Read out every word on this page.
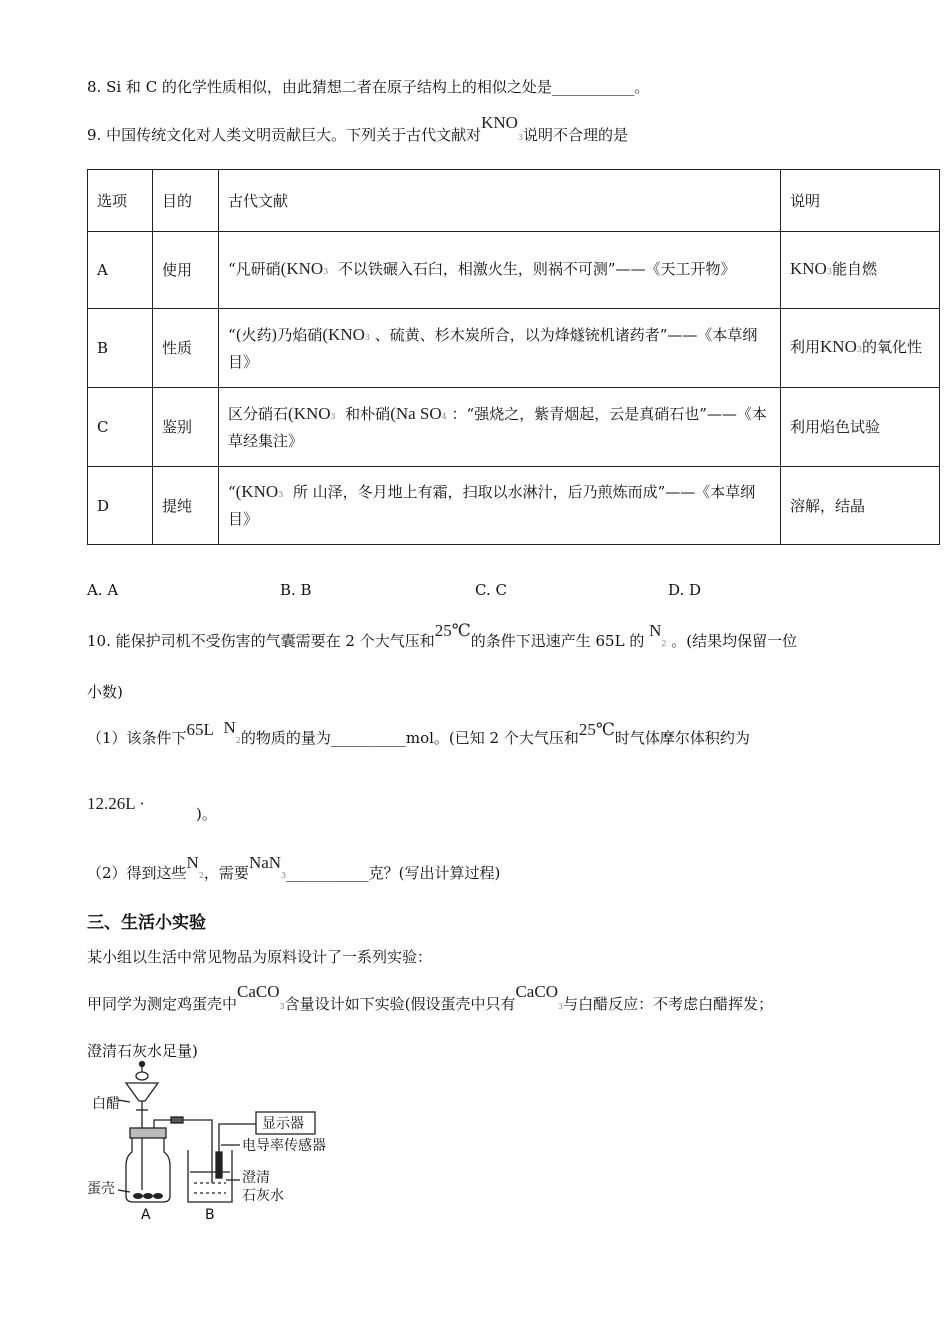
8. Si 和 C 的化学性质相似，由此猜想二者在原子结构上的相似之处是___________。
9. 中国传统文化对人类文明贡献巨大。下列关于古代文献对KNO3说明不合理的是
选项	目的	古代文献	说明
A	使用	“凡研硝(KNO3 不以铁碾入石臼，相激火生，则祸不可测”——《天工开物》	KNO3能自燃
B	性质	“(火药)乃焰硝(KNO3 、硫黄、杉木炭所合，以为烽燧铳机诸药者”——《本草纲目》	利用KNO3的氧化性
C	鉴别	区分硝石(KNO3 和朴硝(Na SO4 ：“强烧之，紫青烟起，云是真硝石也”——《本草经集注》	利用焰色试验
D	提纯	“(KNO3 所 山泽，冬月地上有霜，扫取以水淋汁，后乃煎炼而成”——《本草纲目》	溶解，结晶
A. A	B. B	C. C	D. D
10. 能保护司机不受伤害的气囊需要在 2 个大气压和25℃的条件下迅速产生 65L 的 N2 。(结果均保留一位
小数)
（1）该条件下65L N2的物质的量为__________mol。(已知 2 个大气压和25℃时气体摩尔体积约为
12.26L ·
)。
（2）得到这些N2，需要NaN3___________克？(写出计算过程)
三、生活小实验
某小组以生活中常见物品为原料设计了一系列实验：
甲同学为测定鸡蛋壳中CaCO3含量设计如下实验(假设蛋壳中只有CaCO3与白醋反应：不考虑白醋挥发；
澄清石灰水足量)
白醋
显示器
电导率传感器
澄清
石灰水
蛋壳
A	B
